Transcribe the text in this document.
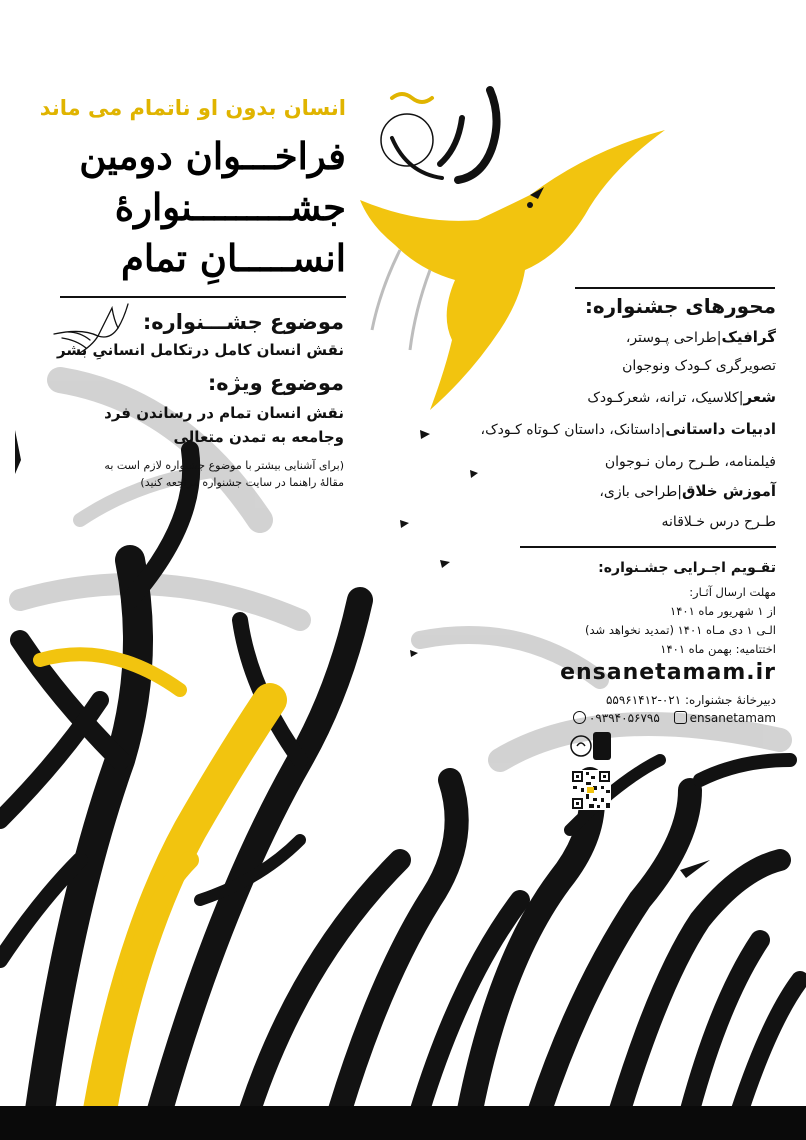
انسان بدون او ناتمام می ماند
فراخـــوان دومین
جشـــــــــنوارۀ
انســـــانِ تمام
موضوع جشـــنواره:
نقش انسان کامل درتکامل انسانیِ بشر
موضوع ویژه:
نقش انسان تمام در رساندن فرد
وجامعه به تمدن متعالی
(برای آشنایی بیشتر با موضوع جشنواره لازم است به
مقالۀ راهنما در سایت جشنواره مراجعه کنید)
محورهای جشنواره:
گرافیک|طراحی پـوستر،
تصویرگری کـودک ونوجوان
شعر|کلاسیک، ترانه، شعرکـودک
ادبیات داستانی|داستانک، داستان کـوتاه کـودک،
فیلمنامه، طـرح رمان نـوجوان
آموزش خلاق|طراحی بازی،
طـرح درس خـلاقانه
تقـویم اجـرایی جشـنواره:
مهلت ارسال آثـار:
از ۱ شهریور ماه ۱۴۰۱
الـی ۱ دی مـاه ۱۴۰۱ (تمدید نخواهد شد)
اختتامیه: بهمن ماه ۱۴۰۱
ensanetamam.ir
دبیرخانۀ جشنواره: ۰۲۱-۵۵۹۶۱۴۱۲
۰۹۳۹۴۰۵۶۷۹۵ ensanetamam
